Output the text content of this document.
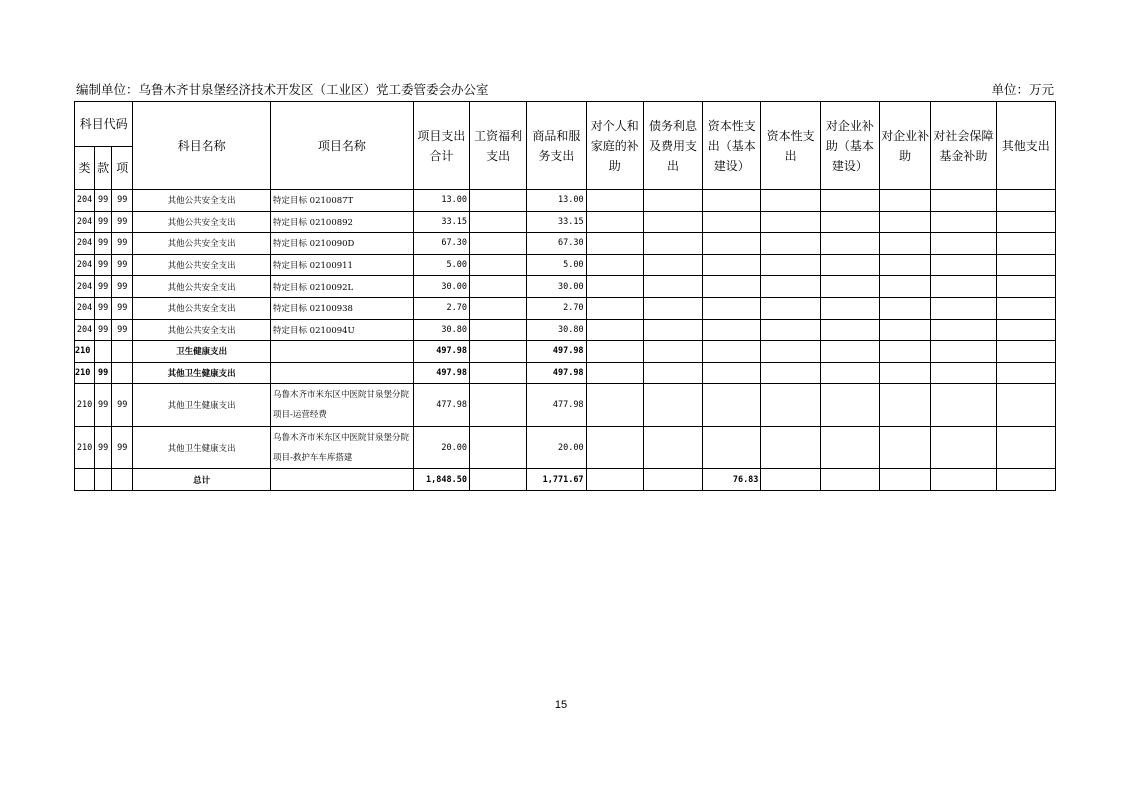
编制单位：乌鲁木齐甘泉堡经济技术开发区（工业区）党工委管委会办公室	单位：万元
科目代码			科目名称	项目名称	项目支出合计	工资福利支出	商品和服务支出	对个人和家庭的补助	债务利息及费用支出	资本性支出（基本建设）	资本性支出	对企业补助（基本建设）	对企业补助	对社会保障基金补助	其他支出
类	款	项													
204	99	99	其他公共安全支出	特定目标 0210087T	13.00		13.00								
204	99	99	其他公共安全支出	特定目标 02100892	33.15		33.15								
204	99	99	其他公共安全支出	特定目标 0210090D	67.30		67.30								
204	99	99	其他公共安全支出	特定目标 02100911	5.00		5.00								
204	99	99	其他公共安全支出	特定目标 0210092L	30.00		30.00								
204	99	99	其他公共安全支出	特定目标 02100938	2.70		2.70								
204	99	99	其他公共安全支出	特定目标 0210094U	30.80		30.80								
210			卫生健康支出		497.98		497.98								
210	99		其他卫生健康支出		497.98		497.98								
210	99	99	其他卫生健康支出	乌鲁木齐市米东区中医院甘泉堡分院项目-运营经费	477.98		477.98								
210	99	99	其他卫生健康支出	乌鲁木齐市米东区中医院甘泉堡分院项目-救护车车库搭建	20.00		20.00								
			总计		1,848.50		1,771.67			76.83					
15
